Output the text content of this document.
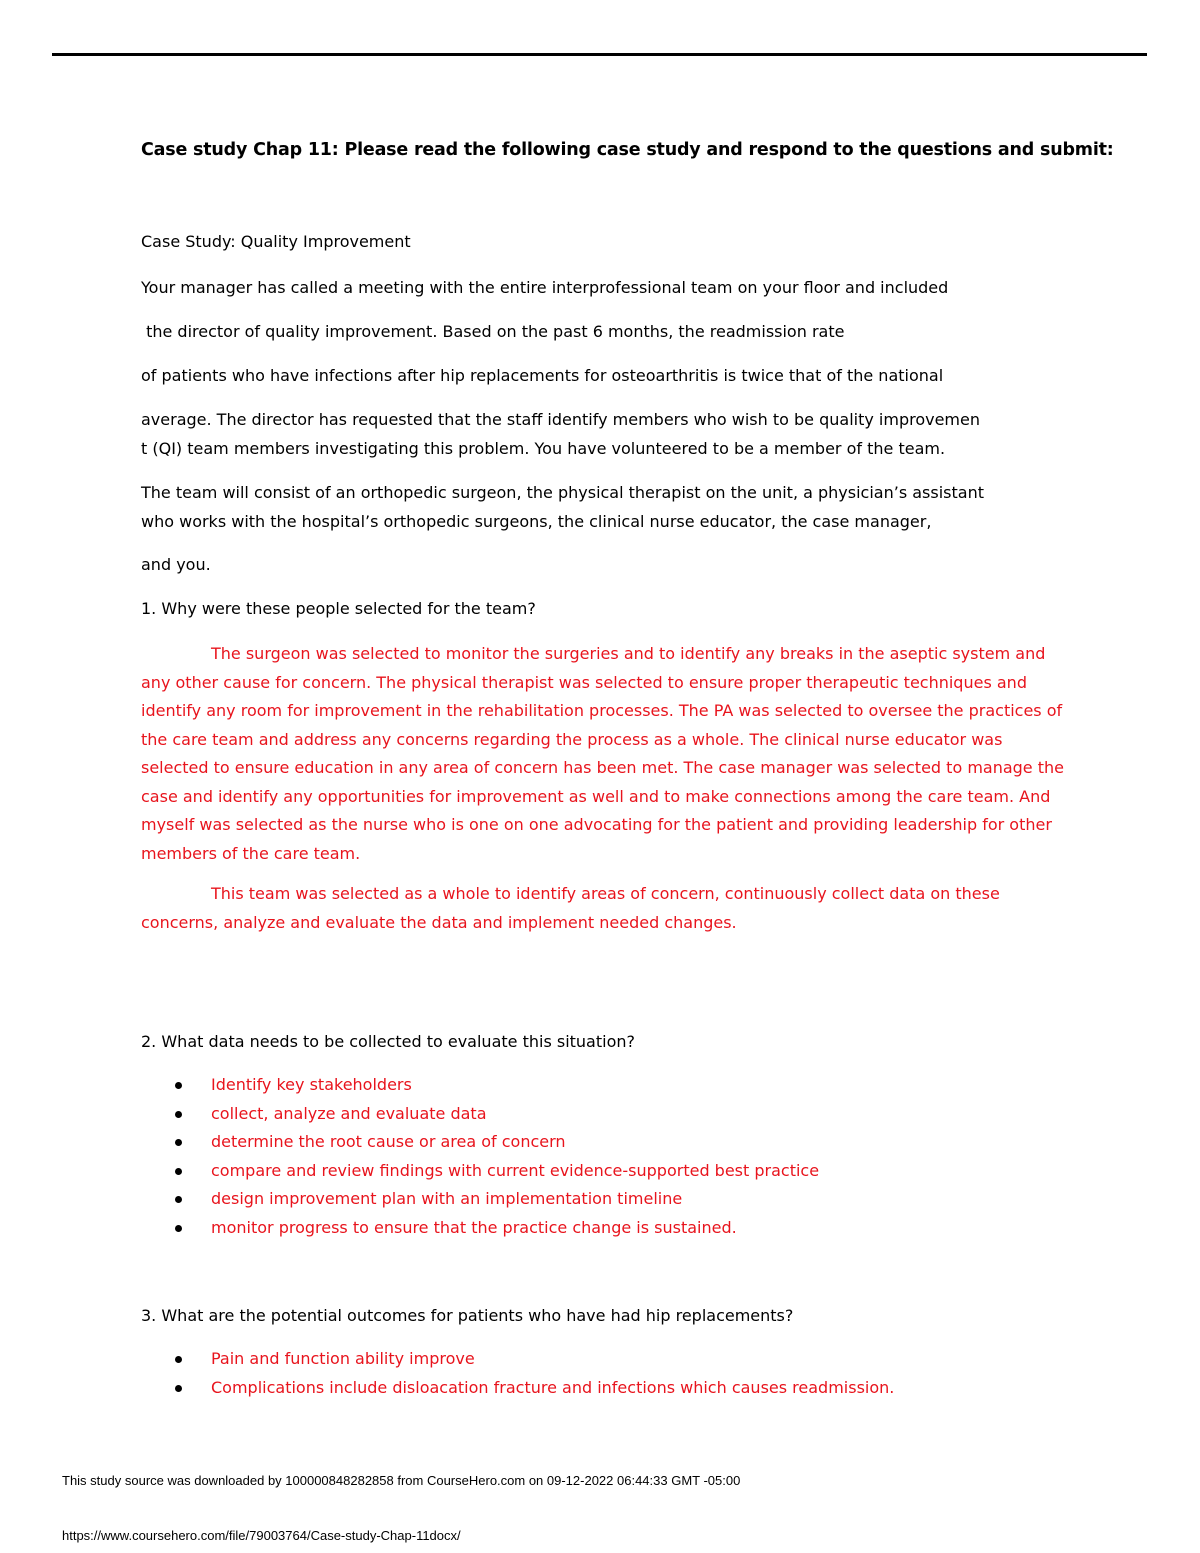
Case study Chap 11: Please read the following case study and respond to the questions and submit:

Case Study: Quality Improvement
Your manager has called a meeting with the entire interprofessional team on your floor and included
the director of quality improvement. Based on the past 6 months, the readmission rate
of patients who have infections after hip replacements for osteoarthritis is twice that of the national
average. The director has requested that the staff identify members who wish to be quality improvemen
t (QI) team members investigating this problem. You have volunteered to be a member of the team.
The team will consist of an orthopedic surgeon, the physical therapist on the unit, a physician’s assistant
who works with the hospital’s orthopedic surgeons, the clinical nurse educator, the case manager,
and you.
1. Why were these people selected for the team?

The surgeon was selected to monitor the surgeries and to identify any breaks in the aseptic system and any other cause for concern. The physical therapist was selected to ensure proper therapeutic techniques and identify any room for improvement in the rehabilitation processes. The PA was selected to oversee the practices of the care team and address any concerns regarding the process as a whole. The clinical nurse educator was selected to ensure education in any area of concern has been met. The case manager was selected to manage the case and identify any opportunities for improvement as well and to make connections among the care team. And myself was selected as the nurse who is one on one advocating for the patient and providing leadership for other members of the care team.

This team was selected as a whole to identify areas of concern, continuously collect data on these concerns, analyze and evaluate the data and implement needed changes.

2. What data needs to be collected to evaluate this situation?
Identify key stakeholders
collect, analyze and evaluate data
determine the root cause or area of concern
compare and review findings with current evidence-supported best practice
design improvement plan with an implementation timeline
monitor progress to ensure that the practice change is sustained.
3. What are the potential outcomes for patients who have had hip replacements?
Pain and function ability improve
Complications include disloacation fracture and infections which causes readmission.
This study source was downloaded by 100000848282858 from CourseHero.com on 09-12-2022 06:44:33 GMT -05:00
https://www.coursehero.com/file/79003764/Case-study-Chap-11docx/
